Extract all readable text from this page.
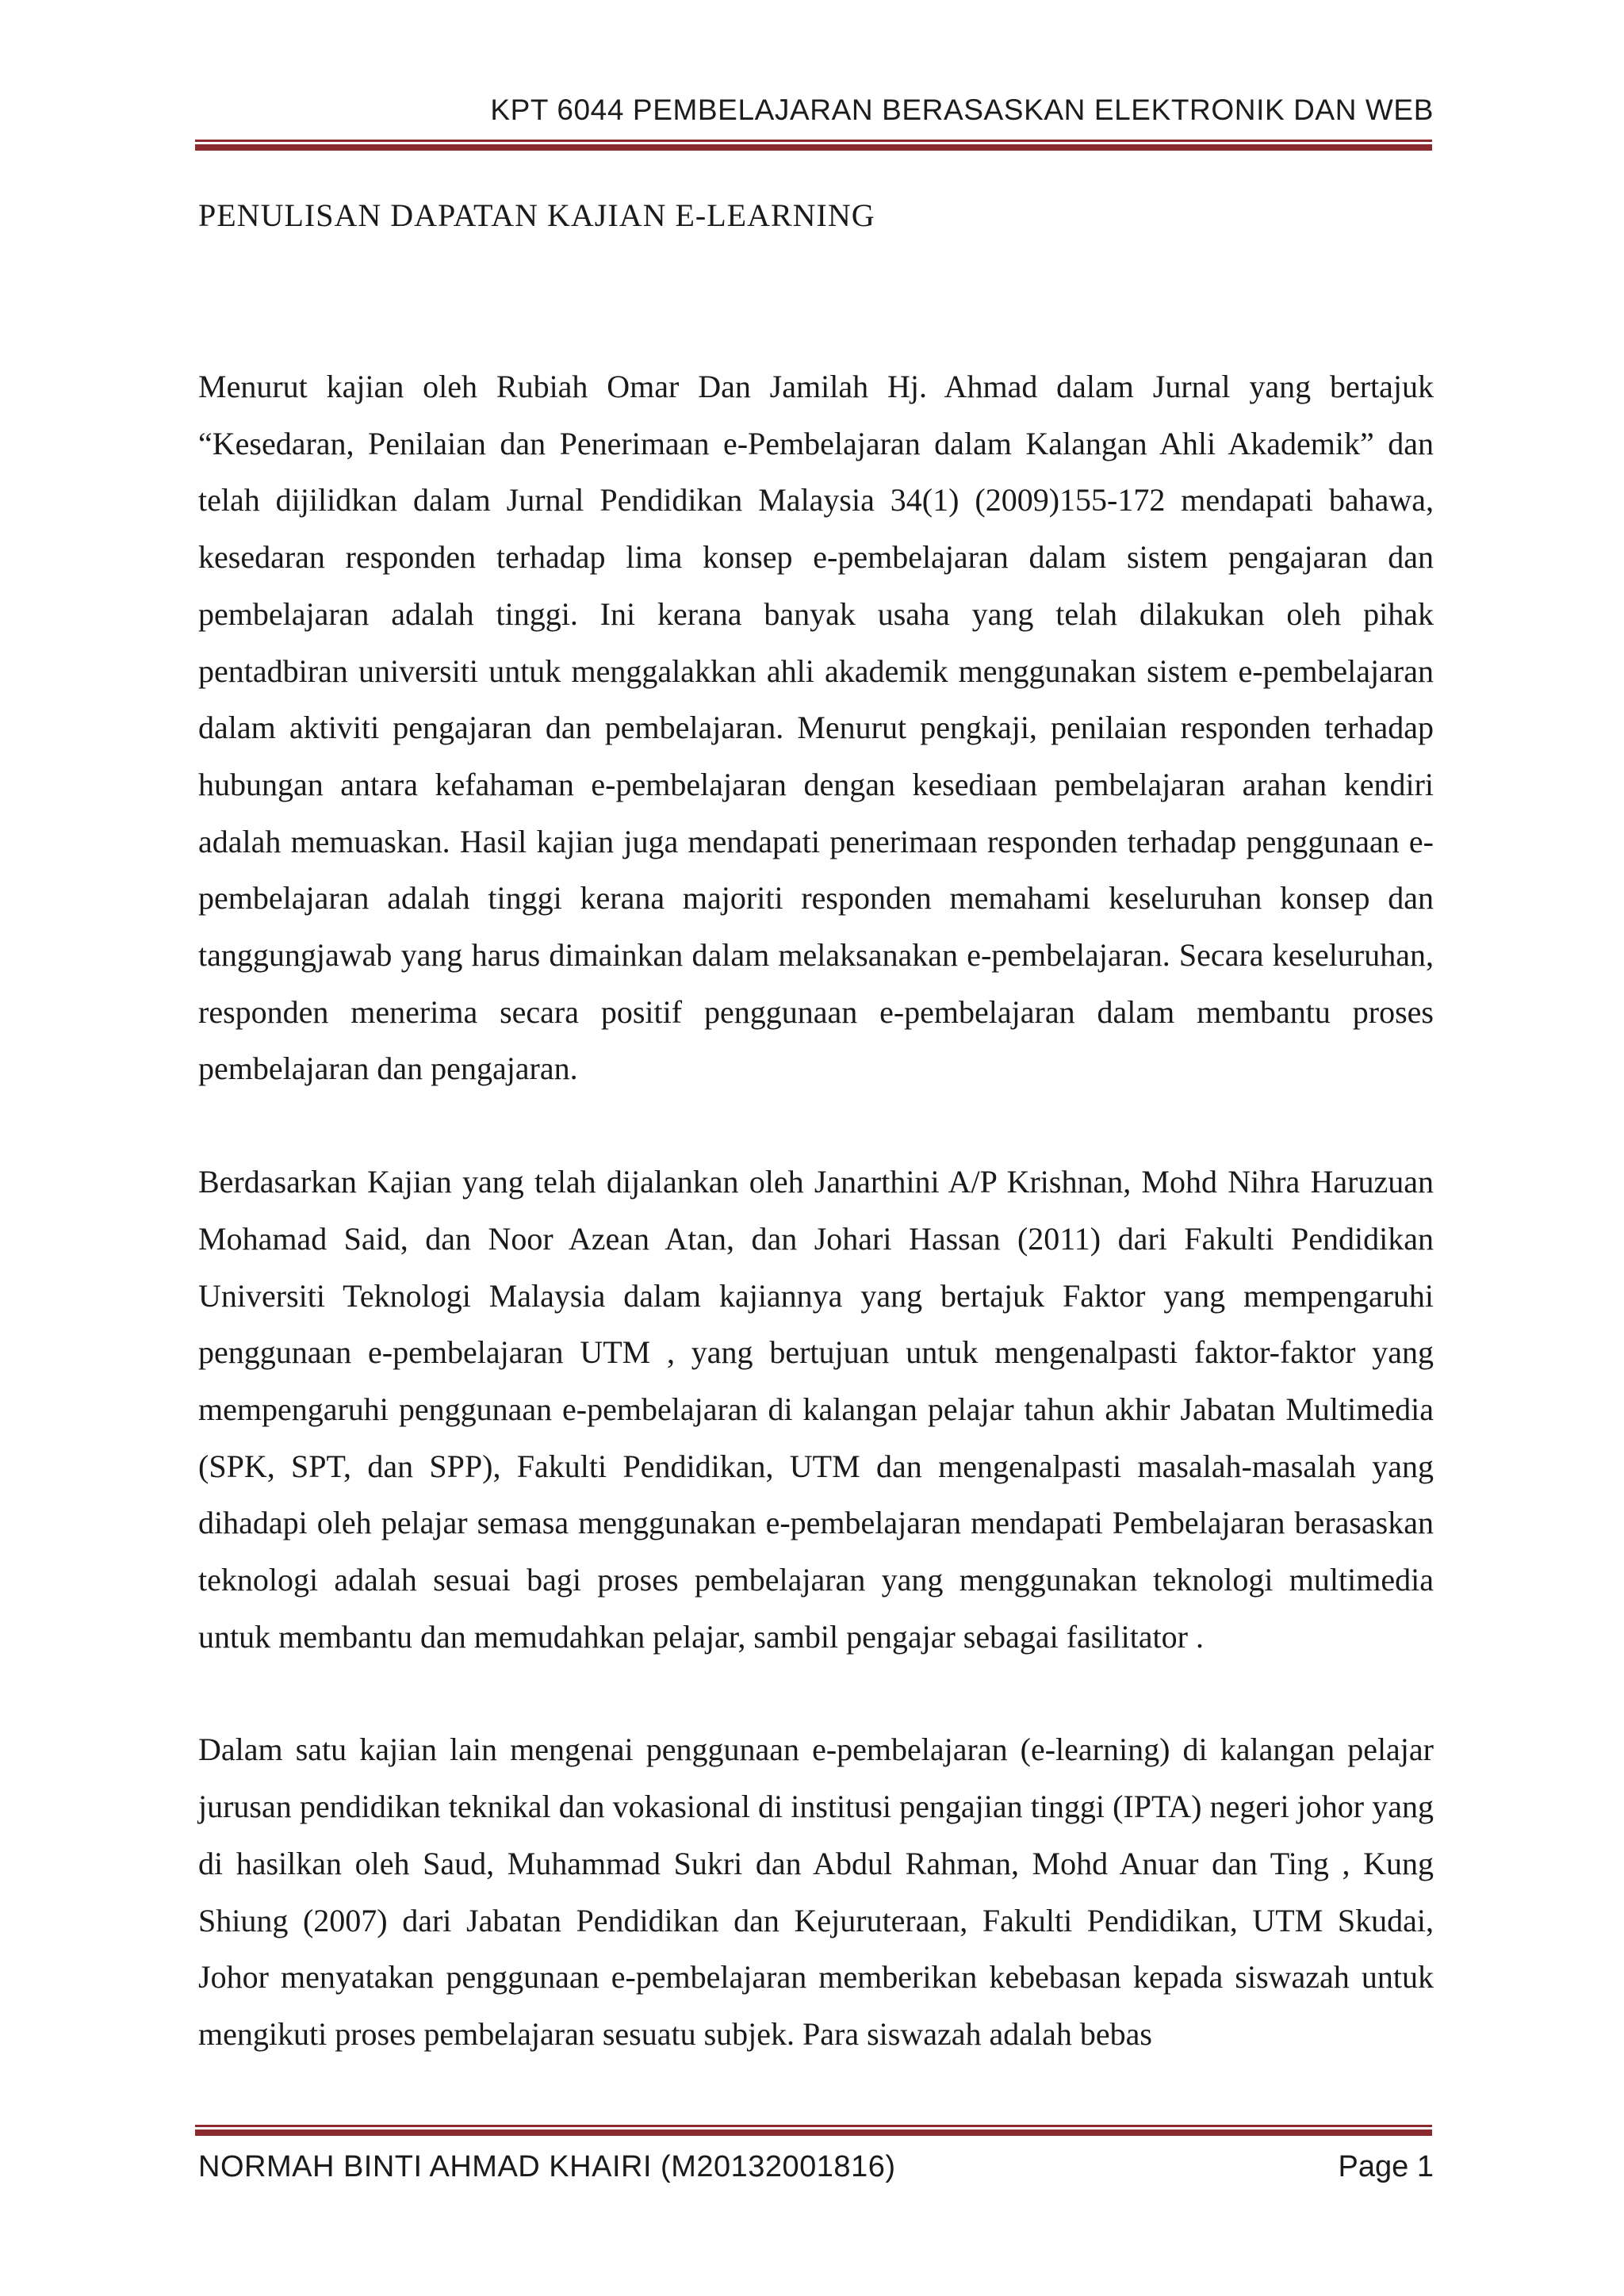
KPT 6044 PEMBELAJARAN BERASASKAN ELEKTRONIK DAN WEB
PENULISAN DAPATAN KAJIAN E-LEARNING

Menurut kajian oleh Rubiah Omar Dan Jamilah Hj. Ahmad dalam Jurnal yang bertajuk “Kesedaran, Penilaian dan Penerimaan e-Pembelajaran dalam Kalangan Ahli Akademik” dan telah dijilidkan dalam Jurnal Pendidikan Malaysia 34(1) (2009)155-172 mendapati bahawa, kesedaran responden terhadap lima konsep e-pembelajaran dalam sistem pengajaran dan pembelajaran adalah tinggi. Ini kerana banyak usaha yang telah dilakukan oleh pihak pentadbiran universiti untuk menggalakkan ahli akademik menggunakan sistem e-pembelajaran dalam aktiviti pengajaran dan pembelajaran. Menurut pengkaji, penilaian responden terhadap hubungan antara kefahaman e-pembelajaran dengan kesediaan pembelajaran arahan kendiri adalah memuaskan. Hasil kajian juga mendapati penerimaan responden terhadap penggunaan e-pembelajaran adalah tinggi kerana majoriti responden memahami keseluruhan konsep dan tanggungjawab yang harus dimainkan dalam melaksanakan e-pembelajaran. Secara keseluruhan, responden menerima secara positif penggunaan e-pembelajaran dalam membantu proses pembelajaran dan pengajaran.

Berdasarkan Kajian yang telah dijalankan oleh Janarthini A/P Krishnan, Mohd Nihra Haruzuan Mohamad Said, dan Noor Azean Atan, dan Johari Hassan (2011) dari Fakulti Pendidikan Universiti Teknologi Malaysia dalam kajiannya yang bertajuk Faktor yang mempengaruhi penggunaan e-pembelajaran UTM , yang bertujuan untuk mengenalpasti faktor-faktor yang mempengaruhi penggunaan e-pembelajaran di kalangan pelajar tahun akhir Jabatan Multimedia (SPK, SPT, dan SPP), Fakulti Pendidikan, UTM dan mengenalpasti masalah-masalah yang dihadapi oleh pelajar semasa menggunakan e-pembelajaran mendapati Pembelajaran berasaskan teknologi adalah sesuai bagi proses pembelajaran yang menggunakan teknologi multimedia untuk membantu dan memudahkan pelajar, sambil pengajar sebagai fasilitator .

Dalam satu kajian lain mengenai penggunaan e-pembelajaran (e-learning) di kalangan pelajar jurusan pendidikan teknikal dan vokasional di institusi pengajian tinggi (IPTA) negeri johor yang di hasilkan oleh Saud, Muhammad Sukri dan Abdul Rahman, Mohd Anuar dan Ting , Kung Shiung (2007) dari Jabatan Pendidikan dan Kejuruteraan, Fakulti Pendidikan, UTM Skudai, Johor menyatakan penggunaan e-pembelajaran memberikan kebebasan kepada siswazah untuk mengikuti proses pembelajaran sesuatu subjek. Para siswazah adalah bebas

NORMAH BINTI AHMAD KHAIRI (M20132001816)	Page 1
